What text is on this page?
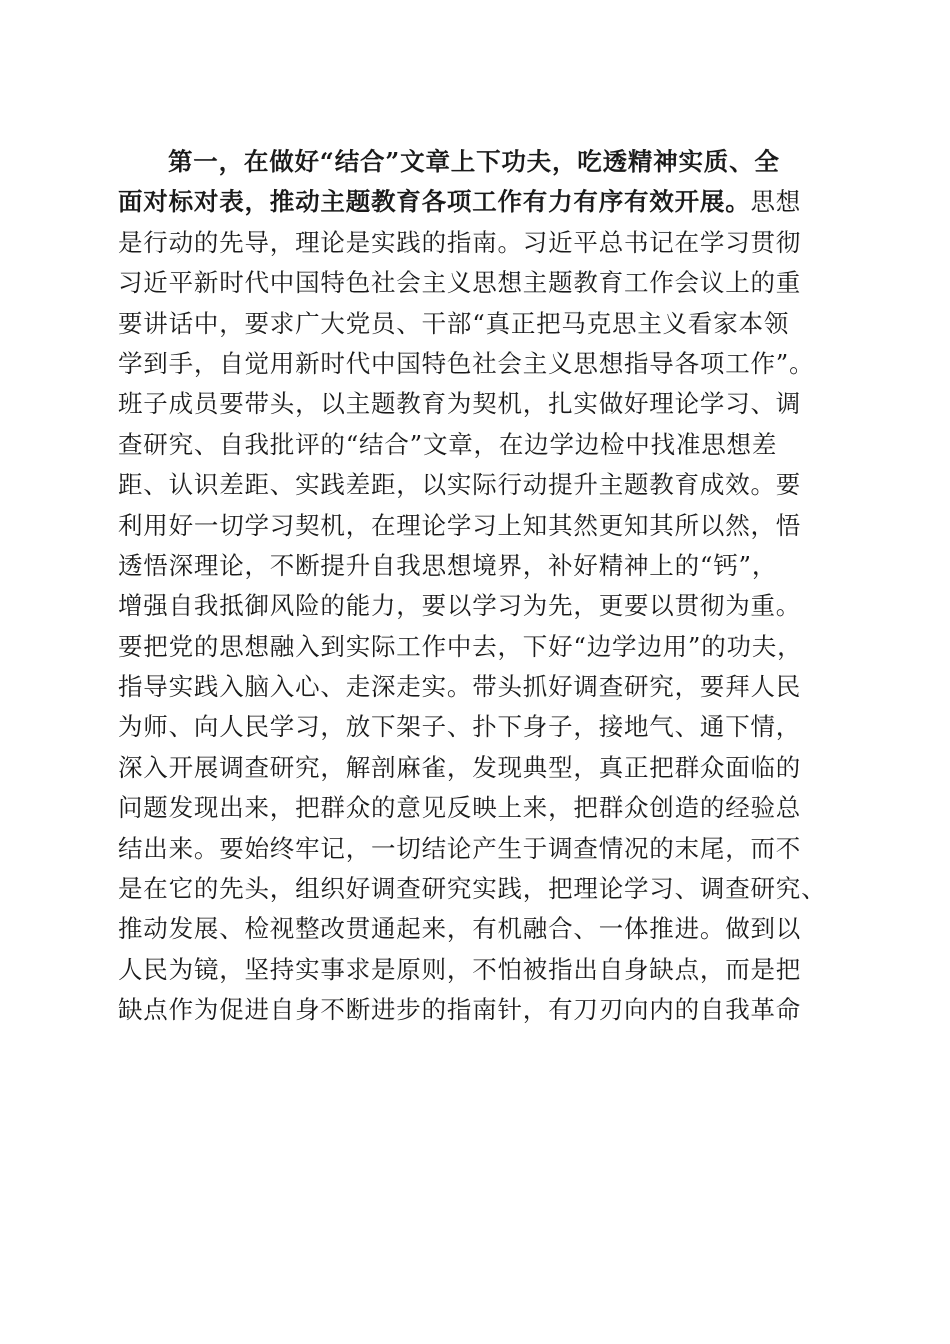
第一，在做好“结合”文章上下功夫，吃透精神实质、全
面对标对表，推动主题教育各项工作有力有序有效开展。思想
是行动的先导，理论是实践的指南。习近平总书记在学习贯彻
习近平新时代中国特色社会主义思想主题教育工作会议上的重
要讲话中，要求广大党员、干部“真正把马克思主义看家本领
学到手，自觉用新时代中国特色社会主义思想指导各项工作”。
班子成员要带头，以主题教育为契机，扎实做好理论学习、调
查研究、自我批评的“结合”文章，在边学边检中找准思想差
距、认识差距、实践差距，以实际行动提升主题教育成效。要
利用好一切学习契机，在理论学习上知其然更知其所以然，悟
透悟深理论，不断提升自我思想境界，补好精神上的“钙”，
增强自我抵御风险的能力，要以学习为先，更要以贯彻为重。
要把党的思想融入到实际工作中去，下好“边学边用”的功夫，
指导实践入脑入心、走深走实。带头抓好调查研究，要拜人民
为师、向人民学习，放下架子、扑下身子，接地气、通下情，
深入开展调查研究，解剖麻雀，发现典型，真正把群众面临的
问题发现出来，把群众的意见反映上来，把群众创造的经验总
结出来。要始终牢记，一切结论产生于调查情况的末尾，而不
是在它的先头，组织好调查研究实践，把理论学习、调查研究、
推动发展、检视整改贯通起来，有机融合、一体推进。做到以
人民为镜，坚持实事求是原则，不怕被指出自身缺点，而是把
缺点作为促进自身不断进步的指南针，有刀刃向内的自我革命
